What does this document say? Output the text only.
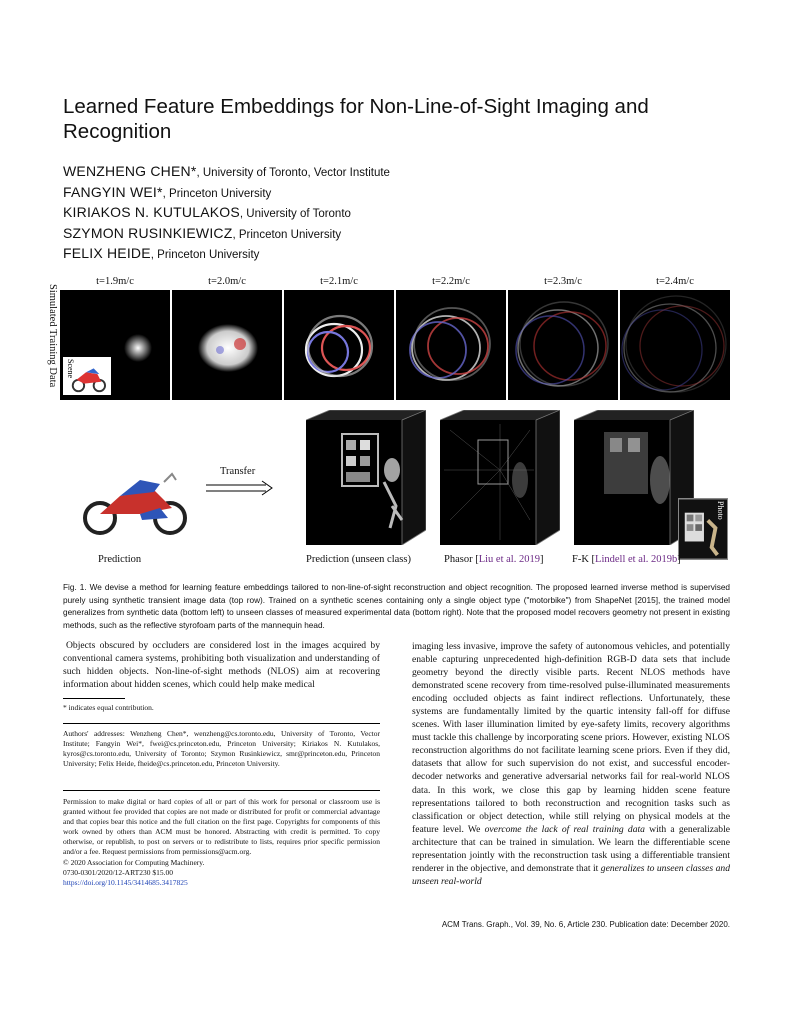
Learned Feature Embeddings for Non-Line-of-Sight Imaging and Recognition
WENZHENG CHEN*, University of Toronto, Vector Institute
FANGYIN WEI*, Princeton University
KIRIAKOS N. KUTULAKOS, University of Toronto
SZYMON RUSINKIEWICZ, Princeton University
FELIX HEIDE, Princeton University
Simulated Training Data
t=1.9m/c	t=2.0m/c	t=2.1m/c	t=2.2m/c	t=2.3m/c	t=2.4m/c
Scene
Transfer
Photo
Prediction	Prediction (unseen class)	Phasor [Liu et al. 2019]	F-K [Lindell et al. 2019b]
Fig. 1. We devise a method for learning feature embeddings tailored to non-line-of-sight reconstruction and object recognition. The proposed learned inverse method is supervised purely using synthetic transient image data (top row). Trained on a synthetic scenes containing only a single object type ("motorbike") from ShapeNet [2015], the trained model generalizes from synthetic data (bottom left) to unseen classes of measured experimental data (bottom right). Note that the proposed model recovers geometry not present in existing methods, such as the reflective styrofoam parts of the mannequin head.

Objects obscured by occluders are considered lost in the images acquired by conventional camera systems, prohibiting both visualization and understanding of such hidden objects. Non-line-of-sight methods (NLOS) aim at recovering information about hidden scenes, which could help make medical

* indicates equal contribution.
Authors' addresses: Wenzheng Chen*, wenzheng@cs.toronto.edu, University of Toronto, Vector Institute; Fangyin Wei*, fwei@cs.princeton.edu, Princeton University; Kiriakos N. Kutulakos, kyros@cs.toronto.edu, University of Toronto; Szymon Rusinkiewicz, smr@princeton.edu, Princeton University; Felix Heide, fheide@cs.princeton.edu, Princeton University.
Permission to make digital or hard copies of all or part of this work for personal or classroom use is granted without fee provided that copies are not made or distributed for profit or commercial advantage and that copies bear this notice and the full citation on the first page. Copyrights for components of this work owned by others than ACM must be honored. Abstracting with credit is permitted. To copy otherwise, or republish, to post on servers or to redistribute to lists, requires prior specific permission and/or a fee. Request permissions from permissions@acm.org.
© 2020 Association for Computing Machinery.
0730-0301/2020/12-ART230 $15.00
https://doi.org/10.1145/3414685.3417825

imaging less invasive, improve the safety of autonomous vehicles, and potentially enable capturing unprecedented high-definition RGB-D data sets that include geometry beyond the directly visible parts. Recent NLOS methods have demonstrated scene recovery from time-resolved pulse-illuminated measurements encoding occluded objects as faint indirect reflections. Unfortunately, these systems are fundamentally limited by the quartic intensity fall-off for diffuse scenes. With laser illumination limited by eye-safety limits, recovery algorithms must tackle this challenge by incorporating scene priors. However, existing NLOS reconstruction algorithms do not facilitate learning scene priors. Even if they did, datasets that allow for such supervision do not exist, and successful encoder-decoder networks and generative adversarial networks fail for real-world NLOS data. In this work, we close this gap by learning hidden scene feature representations tailored to both reconstruction and recognition tasks such as classification or object detection, while still relying on physical models at the feature level. We overcome the lack of real training data with a generalizable architecture that can be trained in simulation. We learn the differentiable scene representation jointly with the reconstruction task using a differentiable transient renderer in the objective, and demonstrate that it generalizes to unseen classes and unseen real-world

ACM Trans. Graph., Vol. 39, No. 6, Article 230. Publication date: December 2020.
